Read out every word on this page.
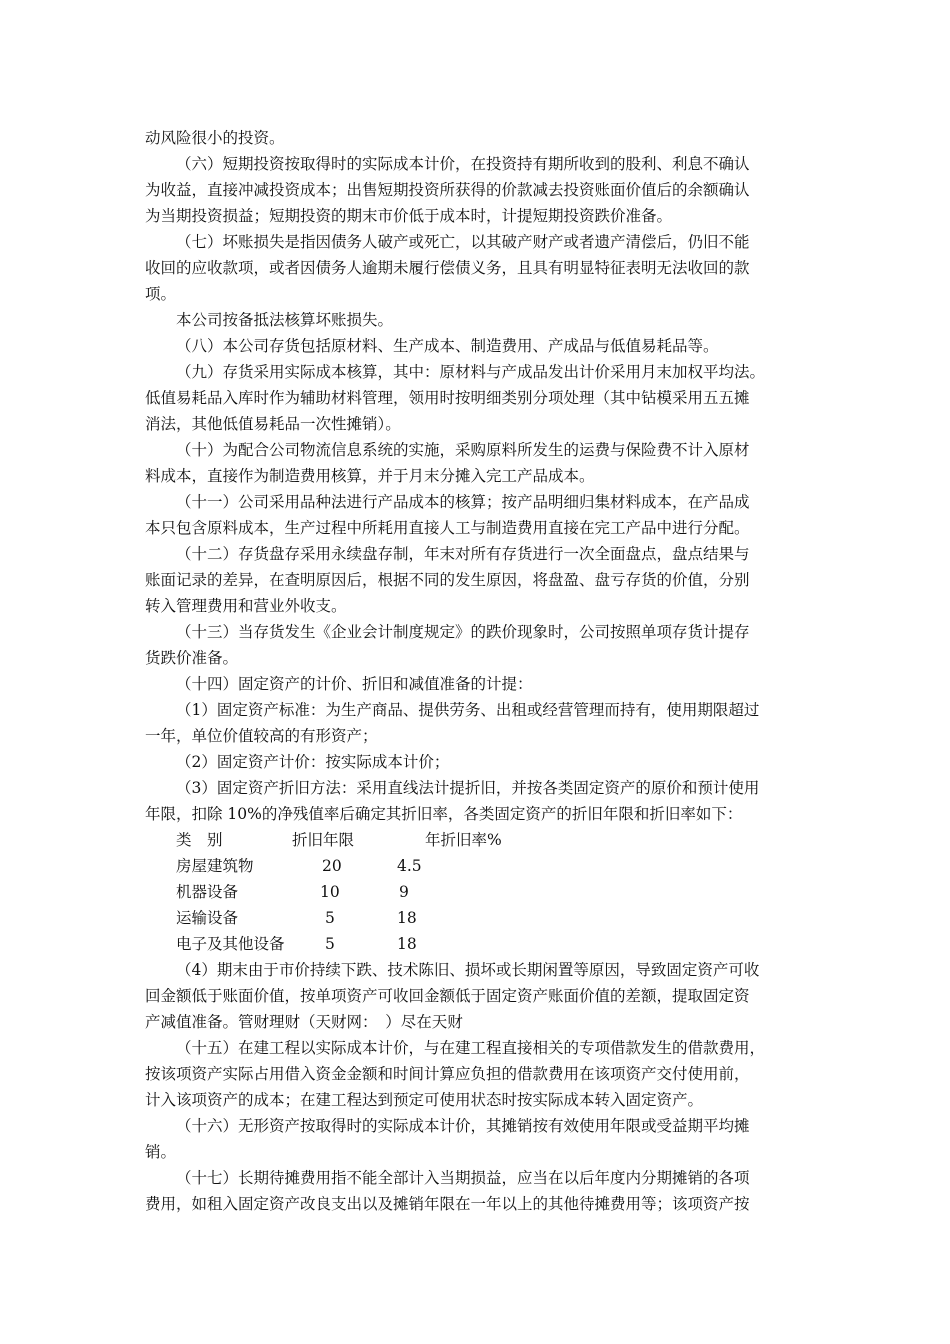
动风险很小的投资。
（六）短期投资按取得时的实际成本计价，在投资持有期所收到的股利、利息不确认
为收益，直接冲减投资成本；出售短期投资所获得的价款减去投资账面价值后的余额确认
为当期投资损益；短期投资的期末市价低于成本时，计提短期投资跌价准备。
（七）坏账损失是指因债务人破产或死亡，以其破产财产或者遗产清偿后，仍旧不能
收回的应收款项，或者因债务人逾期未履行偿债义务，且具有明显特征表明无法收回的款
项。
本公司按备抵法核算坏账损失。
（八）本公司存货包括原材料、生产成本、制造费用、产成品与低值易耗品等。
（九）存货采用实际成本核算，其中：原材料与产成品发出计价采用月末加权平均法。
低值易耗品入库时作为辅助材料管理，领用时按明细类别分项处理（其中钻模采用五五摊
消法，其他低值易耗品一次性摊销）。
（十）为配合公司物流信息系统的实施，采购原料所发生的运费与保险费不计入原材
料成本，直接作为制造费用核算，并于月末分摊入完工产品成本。
（十一）公司采用品种法进行产品成本的核算；按产品明细归集材料成本，在产品成
本只包含原料成本，生产过程中所耗用直接人工与制造费用直接在完工产品中进行分配。
（十二）存货盘存采用永续盘存制，年末对所有存货进行一次全面盘点，盘点结果与
账面记录的差异，在查明原因后，根据不同的发生原因，将盘盈、盘亏存货的价值，分别
转入管理费用和营业外收支。
（十三）当存货发生《企业会计制度规定》的跌价现象时，公司按照单项存货计提存
货跌价准备。
（十四）固定资产的计价、折旧和减值准备的计提：
（1）固定资产标准：为生产商品、提供劳务、出租或经营管理而持有，使用期限超过
一年，单位价值较高的有形资产；
（2）固定资产计价：按实际成本计价；
（3）固定资产折旧方法：采用直线法计提折旧，并按各类固定资产的原价和预计使用
年限，扣除 10%的净残值率后确定其折旧率，各类固定资产的折旧年限和折旧率如下：
类　别	折旧年限	年折旧率%
房屋建筑物	20	4.5
机器设备	10	9
运输设备	5	18
电子及其他设备	5	18
（4）期末由于市价持续下跌、技术陈旧、损坏或长期闲置等原因，导致固定资产可收
回金额低于账面价值，按单项资产可收回金额低于固定资产账面价值的差额，提取固定资
产减值准备。管财理财（天财网：　）尽在天财
（十五）在建工程以实际成本计价，与在建工程直接相关的专项借款发生的借款费用，
按该项资产实际占用借入资金金额和时间计算应负担的借款费用在该项资产交付使用前，
计入该项资产的成本；在建工程达到预定可使用状态时按实际成本转入固定资产。
（十六）无形资产按取得时的实际成本计价，其摊销按有效使用年限或受益期平均摊
销。
（十七）长期待摊费用指不能全部计入当期损益，应当在以后年度内分期摊销的各项
费用，如租入固定资产改良支出以及摊销年限在一年以上的其他待摊费用等；该项资产按
